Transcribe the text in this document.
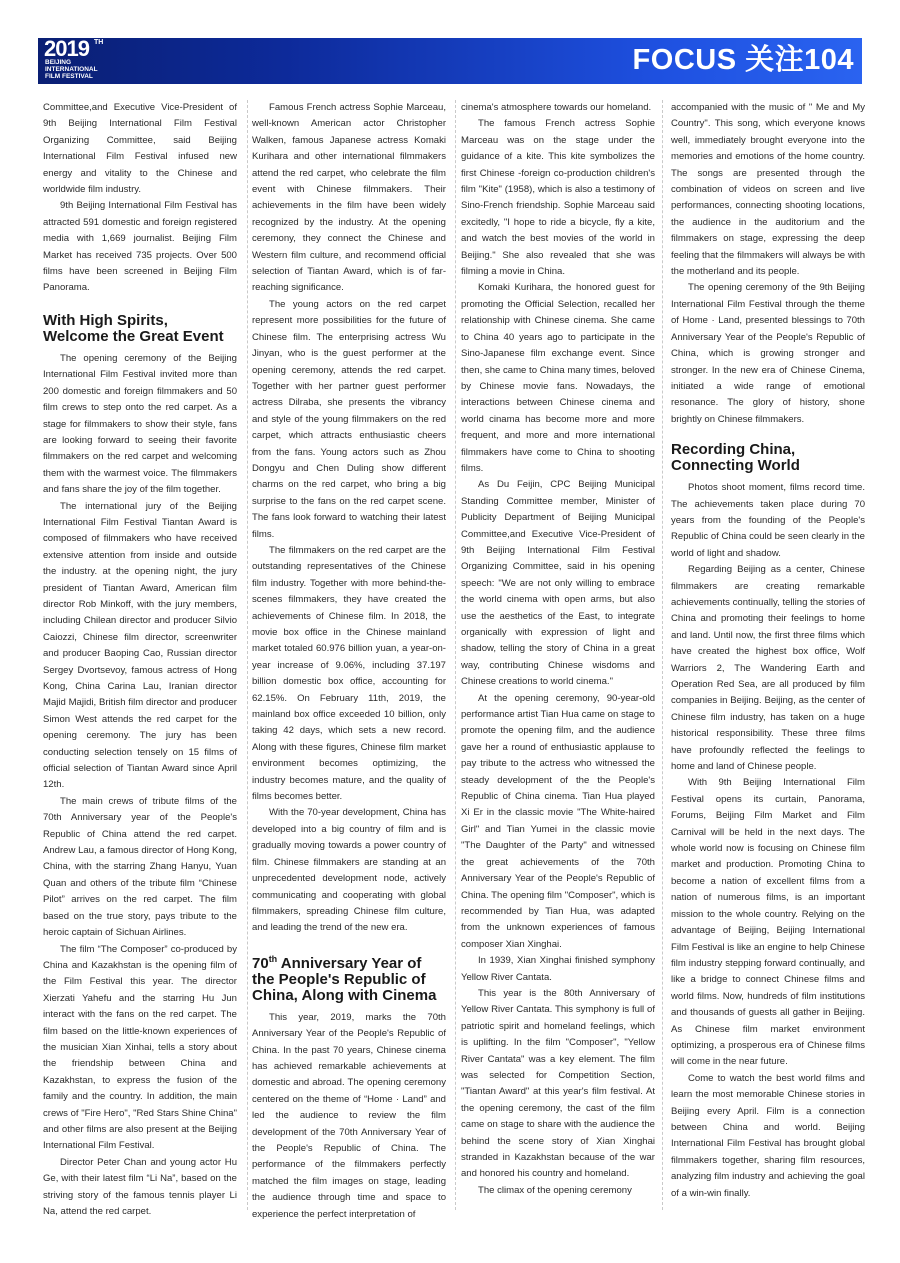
2019 TH
BEIJING
INTERNATIONAL
FILM FESTIVAL
FOCUS 关注104

Committee,and Executive Vice-President of 9th Beijing International Film Festival Organizing Committee, said Beijing International Film Festival infused new energy and vitality to the Chinese and worldwide film industry.

9th Beijing International Film Festival has attracted 591 domestic and foreign registered media with 1,669 journalist. Beijing Film Market has received 735 projects. Over 500 films have been screened in Beijing Film Panorama.

With High Spirits, Welcome the Great Event

The opening ceremony of the Beijing International Film Festival invited more than 200 domestic and foreign filmmakers and 50 film crews to step onto the red carpet. As a stage for filmmakers to show their style, fans are looking forward to seeing their favorite filmmakers on the red carpet and welcoming them with the warmest voice. The filmmakers and fans share the joy of the film together.

The international jury of the Beijing International Film Festival Tiantan Award is composed of filmmakers who have received extensive attention from inside and outside the industry. at the opening night, the jury president of Tiantan Award, American film director Rob Minkoff, with the jury members, including Chilean director and producer Silvio Caiozzi, Chinese film director, screenwriter and producer Baoping Cao, Russian director Sergey Dvortsevoy, famous actress of Hong Kong, China Carina Lau, Iranian director Majid Majidi, British film director and producer Simon West attends the red carpet for the opening ceremony. The jury has been conducting selection tensely on 15 films of official selection of Tiantan Award since April 12th.

The main crews of tribute films of the 70th Anniversary year of the People's Republic of China attend the red carpet. Andrew Lau, a famous director of Hong Kong, China, with the starring Zhang Hanyu, Yuan Quan and others of the tribute film “Chinese Pilot” arrives on the red carpet. The film based on the true story, pays tribute to the heroic captain of Sichuan Airlines.

The film “The Composer” co-produced by China and Kazakhstan is the opening film of the Film Festival this year. The director Xierzati Yahefu and the starring Hu Jun interact with the fans on the red carpet. The film based on the little-known experiences of the musician Xian Xinhai, tells a story about the friendship between China and Kazakhstan, to express the fusion of the family and the country. In addition, the main crews of "Fire Hero", "Red Stars Shine China" and other films are also present at the Beijing International Film Festival.

Director Peter Chan and young actor Hu Ge, with their latest film “Li Na”, based on the striving story of the famous tennis player Li Na, attend the red carpet.

Famous French actress Sophie Marceau, well-known American actor Christopher Walken, famous Japanese actress Komaki Kurihara and other international filmmakers attend the red carpet, who celebrate the film event with Chinese filmmakers. Their achievements in the film have been widely recognized by the industry. At the opening ceremony, they connect the Chinese and Western film culture, and recommend official selection of Tiantan Award, which is of far-reaching significance.

The young actors on the red carpet represent more possibilities for the future of Chinese film. The enterprising actress Wu Jinyan, who is the guest performer at the opening ceremony, attends the red carpet. Together with her partner guest performer actress Dilraba, she presents the vibrancy and style of the young filmmakers on the red carpet, which attracts enthusiastic cheers from the fans. Young actors such as Zhou Dongyu and Chen Duling show different charms on the red carpet, who bring a big surprise to the fans on the red carpet scene. The fans look forward to watching their latest films.

The filmmakers on the red carpet are the outstanding representatives of the Chinese film industry. Together with more behind-the-scenes filmmakers, they have created the achievements of Chinese film. In 2018, the movie box office in the Chinese mainland market totaled 60.976 billion yuan, a year-on-year increase of 9.06%, including 37.197 billion domestic box office, accounting for 62.15%. On February 11th, 2019, the mainland box office exceeded 10 billion, only taking 42 days, which sets a new record. Along with these figures, Chinese film market environment becomes optimizing, the industry becomes mature, and the quality of films becomes better.

With the 70-year development, China has developed into a big country of film and is gradually moving towards a power country of film. Chinese filmmakers are standing at an unprecedented development node, actively communicating and cooperating with global filmmakers, spreading Chinese film culture, and leading the trend of the new era.

70th Anniversary Year of the People's Republic of China, Along with Cinema

This year, 2019, marks the 70th Anniversary Year of the People's Republic of China. In the past 70 years, Chinese cinema has achieved remarkable achievements at domestic and abroad. The opening ceremony centered on the theme of “Home · Land” and led the audience to review the film development of the 70th Anniversary Year of the People's Republic of China. The performance of the filmmakers perfectly matched the film images on stage, leading the audience through time and space to experience the perfect interpretation of

cinema's atmosphere towards our homeland.

The famous French actress Sophie Marceau was on the stage under the guidance of a kite. This kite symbolizes the first Chinese -foreign co-production children's film "Kite" (1958), which is also a testimony of Sino-French friendship. Sophie Marceau said excitedly, "I hope to ride a bicycle, fly a kite, and watch the best movies of the world in Beijing." She also revealed that she was filming a movie in China.

Komaki Kurihara, the honored guest for promoting the Official Selection, recalled her relationship with Chinese cinema. She came to China 40 years ago to participate in the Sino-Japanese film exchange event. Since then, she came to China many times, beloved by Chinese movie fans. Nowadays, the interactions between Chinese cinema and world cinama has become more and more frequent, and more and more international filmmakers have come to China to shooting films.

As Du Feijin, CPC Beijing Municipal Standing Committee member, Minister of Publicity Department of Beijing Municipal Committee,and Executive Vice-President of 9th Beijing International Film Festival Organizing Committee, said in his opening speech: "We are not only willing to embrace the world cinema with open arms, but also use the aesthetics of the East, to integrate organically with expression of light and shadow, telling the story of China in a great way, contributing Chinese wisdoms and Chinese creations to world cinema."

At the opening ceremony, 90-year-old performance artist Tian Hua came on stage to promote the opening film, and the audience gave her a round of enthusiastic applause to pay tribute to the actress who witnessed the steady development of the the People's Republic of China cinema. Tian Hua played Xi Er in the classic movie "The White-haired Girl" and Tian Yumei in the classic movie "The Daughter of the Party" and witnessed the great achievements of the 70th Anniversary Year of the People's Republic of China. The opening film "Composer", which is recommended by Tian Hua, was adapted from the unknown experiences of famous composer Xian Xinghai.

In 1939, Xian Xinghai finished symphony Yellow River Cantata.

This year is the 80th Anniversary of Yellow River Cantata. This symphony is full of patriotic spirit and homeland feelings, which is uplifting. In the film "Composer", "Yellow River Cantata" was a key element. The film was selected for Competition Section, "Tiantan Award" at this year's film festival. At the opening ceremony, the cast of the film came on stage to share with the audience the behind the scene story of Xian Xinghai stranded in Kazakhstan because of the war and honored his country and homeland.

The climax of the opening ceremony

accompanied with the music of " Me and My Country". This song, which everyone knows well, immediately brought everyone into the memories and emotions of the home country. The songs are presented through the combination of videos on screen and live performances, connecting shooting locations, the audience in the auditorium and the filmmakers on stage, expressing the deep feeling that the filmmakers will always be with the motherland and its people.

The opening ceremony of the 9th Beijing International Film Festival through the theme of Home · Land, presented blessings to 70th Anniversary Year of the People's Republic of China, which is growing stronger and stronger. In the new era of Chinese Cinema, initiated a wide range of emotional resonance. The glory of history, shone brightly on Chinese filmmakers.

Recording China, Connecting World

Photos shoot moment, films record time. The achievements taken place during 70 years from the founding of the People's Republic of China could be seen clearly in the world of light and shadow.

Regarding Beijing as a center, Chinese filmmakers are creating remarkable achievements continually, telling the stories of China and promoting their feelings to home and land. Until now, the first three films which have created the highest box office, Wolf Warriors 2, The Wandering Earth and Operation Red Sea, are all produced by film companies in Beijing. Beijing, as the center of Chinese film industry, has taken on a huge historical responsibility. These three films have profoundly reflected the feelings to home and land of Chinese people.

With 9th Beijing International Film Festival opens its curtain, Panorama, Forums, Beijing Film Market and Film Carnival will be held in the next days. The whole world now is focusing on Chinese film market and production. Promoting China to become a nation of excellent films from a nation of numerous films, is an important mission to the whole country. Relying on the advantage of Beijing, Beijing International Film Festival is like an engine to help Chinese film industry stepping forward continually, and like a bridge to connect Chinese films and world films. Now, hundreds of film institutions and thousands of guests all gather in Beijing. As Chinese film market environment optimizing, a prosperous era of Chinese films will come in the near future.

Come to watch the best world films and learn the most memorable Chinese stories in Beijing every April. Film is a connection between China and world. Beijing International Film Festival has brought global filmmakers together, sharing film resources, analyzing film industry and achieving the goal of a win-win finally.
